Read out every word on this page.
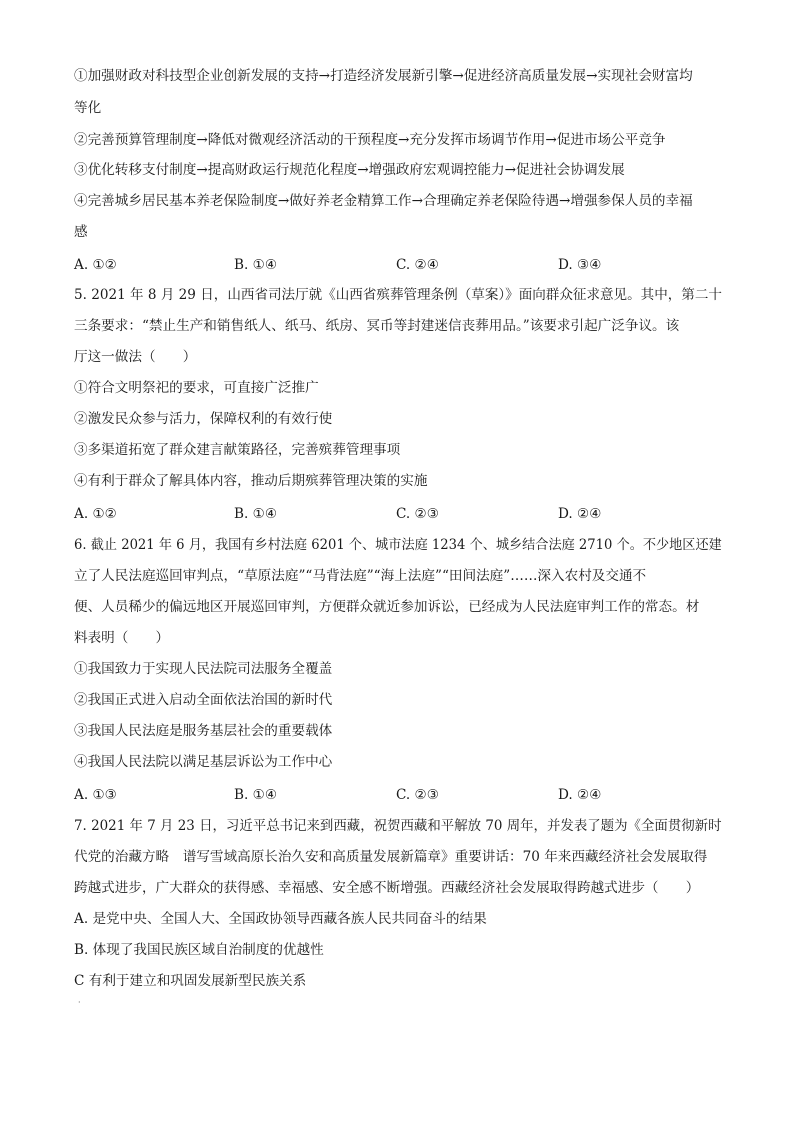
①加强财政对科技型企业创新发展的支持→打造经济发展新引擎→促进经济高质量发展→实现社会财富均
等化
②完善预算管理制度→降低对微观经济活动的干预程度→充分发挥市场调节作用→促进市场公平竞争
③优化转移支付制度→提高财政运行规范化程度→增强政府宏观调控能力→促进社会协调发展
④完善城乡居民基本养老保险制度→做好养老金精算工作→合理确定养老保险待遇→增强参保人员的幸福
感
A. ①②	B. ①④	C. ②④	D. ③④
5. 2021 年 8 月 29 日，山西省司法厅就《山西省殡葬管理条例（草案）》面向群众征求意见。其中，第二十
三条要求：“禁止生产和销售纸人、纸马、纸房、冥币等封建迷信丧葬用品。”该要求引起广泛争议。该
厅这一做法（　　）
①符合文明祭祀的要求，可直接广泛推广
②激发民众参与活力，保障权利的有效行使
③多渠道拓宽了群众建言献策路径，完善殡葬管理事项
④有利于群众了解具体内容，推动后期殡葬管理决策的实施
A. ①②	B. ①④	C. ②③	D. ②④
6. 截止 2021 年 6 月，我国有乡村法庭 6201 个、城市法庭 1234 个、城乡结合法庭 2710 个。不少地区还建
立了人民法庭巡回审判点，“草原法庭”“马背法庭”“海上法庭”“田间法庭”……深入农村及交通不
便、人员稀少的偏远地区开展巡回审判，方便群众就近参加诉讼，已经成为人民法庭审判工作的常态。材
料表明（　　）
①我国致力于实现人民法院司法服务全覆盖
②我国正式进入启动全面依法治国的新时代
③我国人民法庭是服务基层社会的重要载体
④我国人民法院以满足基层诉讼为工作中心
A. ①③	B. ①④	C. ②③	D. ②④
7. 2021 年 7 月 23 日，习近平总书记来到西藏，祝贺西藏和平解放 70 周年，并发表了题为《全面贯彻新时
代党的治藏方略　谱写雪域高原长治久安和高质量发展新篇章》重要讲话：70 年来西藏经济社会发展取得
跨越式进步，广大群众的获得感、幸福感、安全感不断增强。西藏经济社会发展取得跨越式进步（　　）
A. 是党中央、全国人大、全国政协领导西藏各族人民共同奋斗的结果
B. 体现了我国民族区域自治制度的优越性
C 有利于建立和巩固发展新型民族关系
·
